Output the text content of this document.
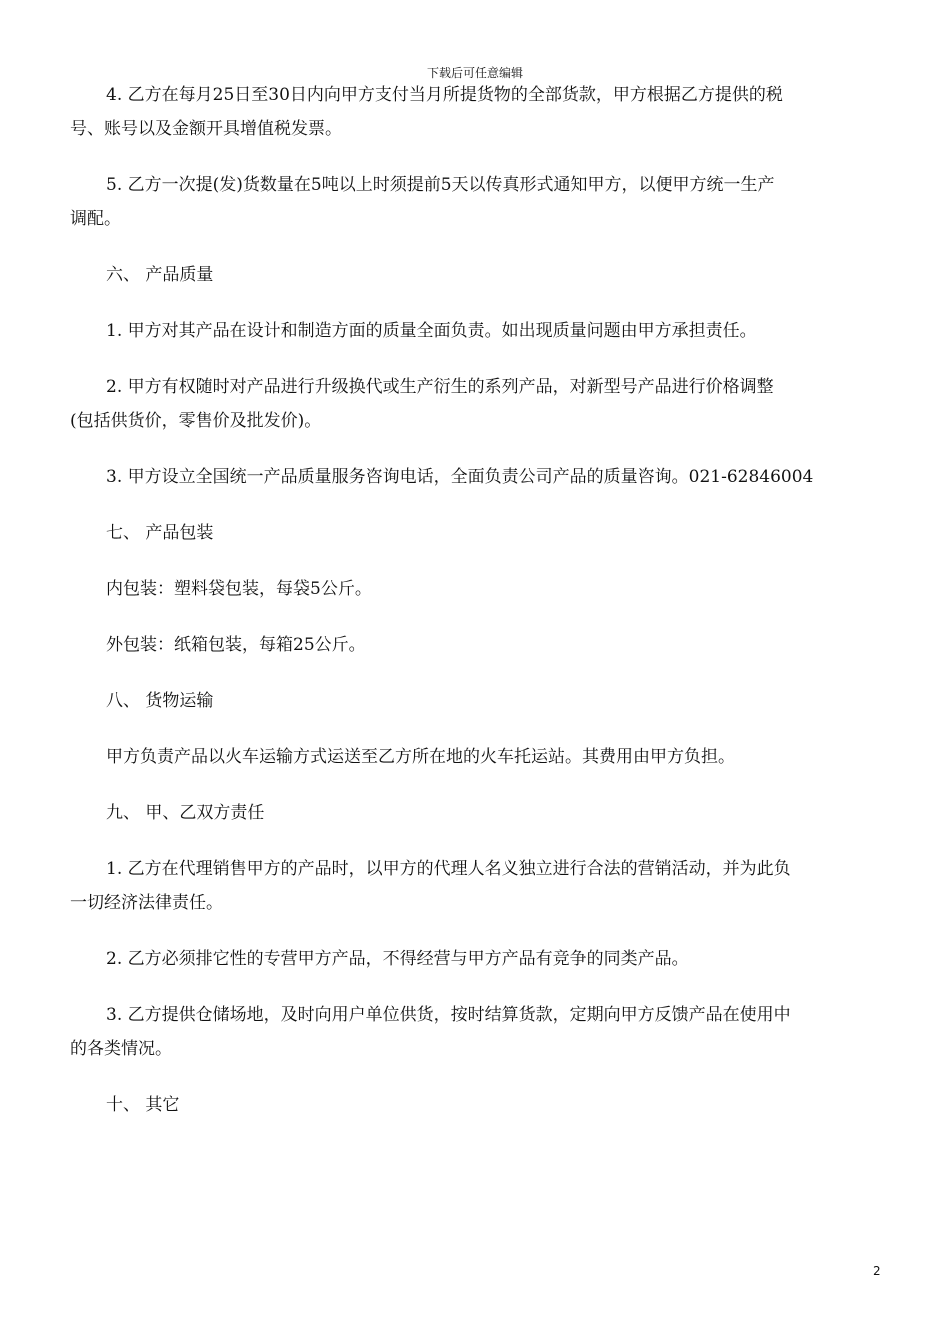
下载后可任意编辑

4. 乙方在每月25日至30日内向甲方支付当月所提货物的全部货款，甲方根据乙方提供的税

号、账号以及金额开具增值税发票。

5. 乙方一次提(发)货数量在5吨以上时须提前5天以传真形式通知甲方，以便甲方统一生产

调配。

六、 产品质量

1. 甲方对其产品在设计和制造方面的质量全面负责。如出现质量问题由甲方承担责任。

2. 甲方有权随时对产品进行升级换代或生产衍生的系列产品，对新型号产品进行价格调整

(包括供货价，零售价及批发价)。

3. 甲方设立全国统一产品质量服务咨询电话，全面负责公司产品的质量咨询。021-62846004

七、 产品包装

内包装：塑料袋包装，每袋5公斤。

外包装：纸箱包装，每箱25公斤。

八、 货物运输

甲方负责产品以火车运输方式运送至乙方所在地的火车托运站。其费用由甲方负担。

九、 甲、乙双方责任

1. 乙方在代理销售甲方的产品时，以甲方的代理人名义独立进行合法的营销活动，并为此负

一切经济法律责任。

2. 乙方必须排它性的专营甲方产品，不得经营与甲方产品有竞争的同类产品。

3. 乙方提供仓储场地，及时向用户单位供货，按时结算货款，定期向甲方反馈产品在使用中

的各类情况。

十、 其它

2
